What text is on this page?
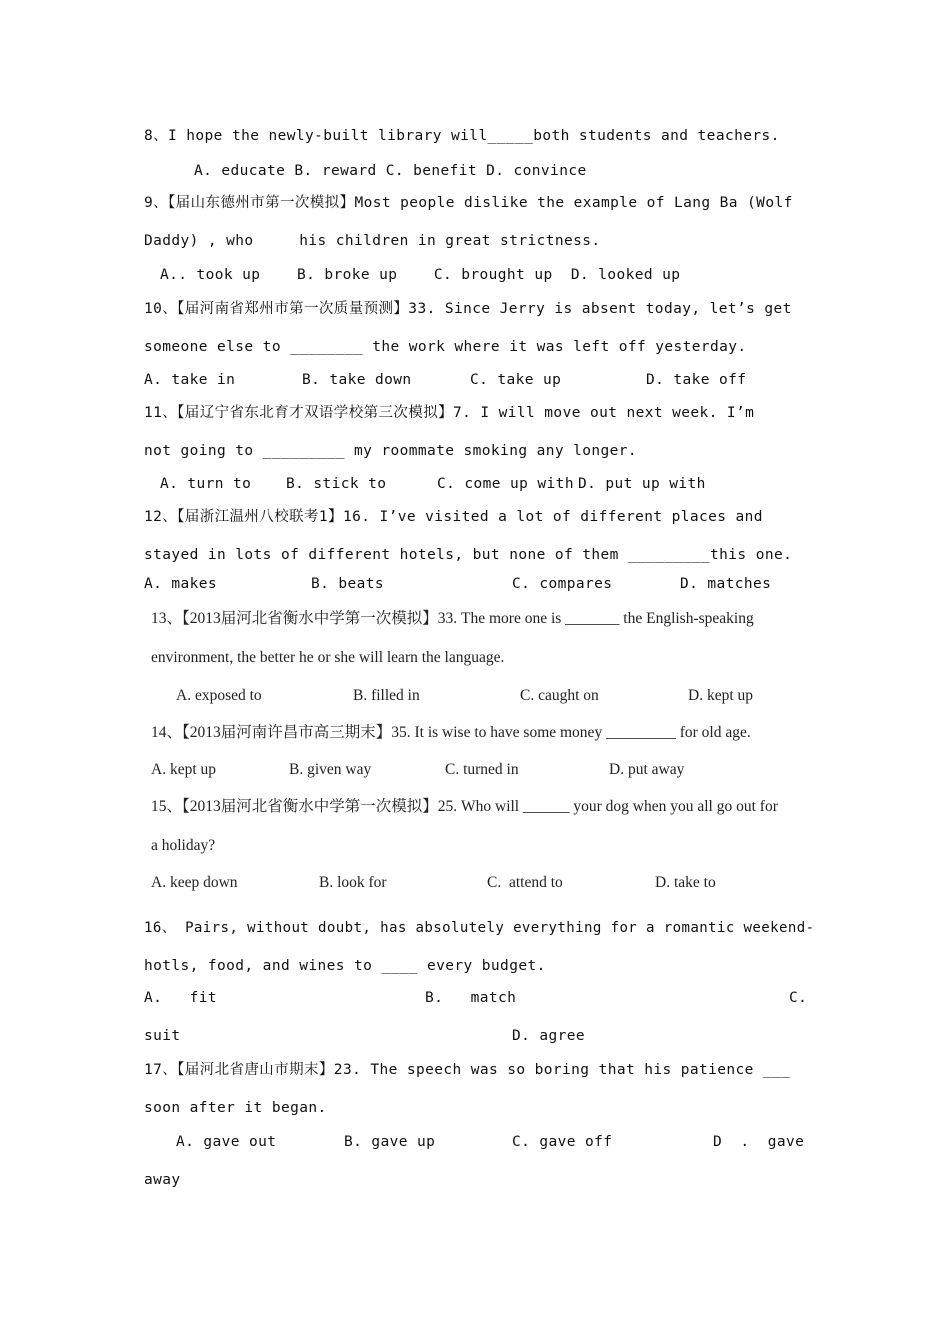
8、I hope the newly-built library will_____both students and teachers.
A. educate B. reward C. benefit D. convince
9、【届山东德州市第一次模拟】Most people dislike the example of Lang Ba (Wolf
Daddy) , who     his children in great strictness.
A.. took up    B. broke up    C. brought up  D. looked up
10、【届河南省郑州市第一次质量预测】33. Since Jerry is absent today, let’s get
someone else to ________ the work where it was left off yesterday.
A. take in	B. take down	C. take up	D. take off
11、【届辽宁省东北育才双语学校第三次模拟】7. I will move out next week. I’m
not going to _________ my roommate smoking any longer.
A. turn to B. stick to	C. come up with D. put up with
12、【届浙江温州八校联考1】16. I’ve visited a lot of different places and
stayed in lots of different hotels, but none of them _________this one.
A. makes	B. beats	C. compares	D. matches
13、【2013届河北省衡水中学第一次模拟】33. The more one is _______ the English-speaking
environment, the better he or she will learn the language.
A. exposed to	B. filled in	C. caught on	D. kept up
14、【2013届河南许昌市高三期末】35. It is wise to have some money _________ for old age.
A. kept up	B. given way	C. turned in	D. put away
15、【2013届河北省衡水中学第一次模拟】25. Who will ______ your dog when you all go out for
a holiday?
A. keep down	B. look for	C.  attend to	D. take to
16、 Pairs, without doubt, has absolutely everything for a romantic weekend-
hotls, food, and wines to ____ every budget.
A.   fit	B.   match	C.
suit	D. agree
17、【届河北省唐山市期末】23. The speech was so boring that his patience ___
soon after it began.
A. gave out	B. gave up	C. gave off	D  .  gave
away
